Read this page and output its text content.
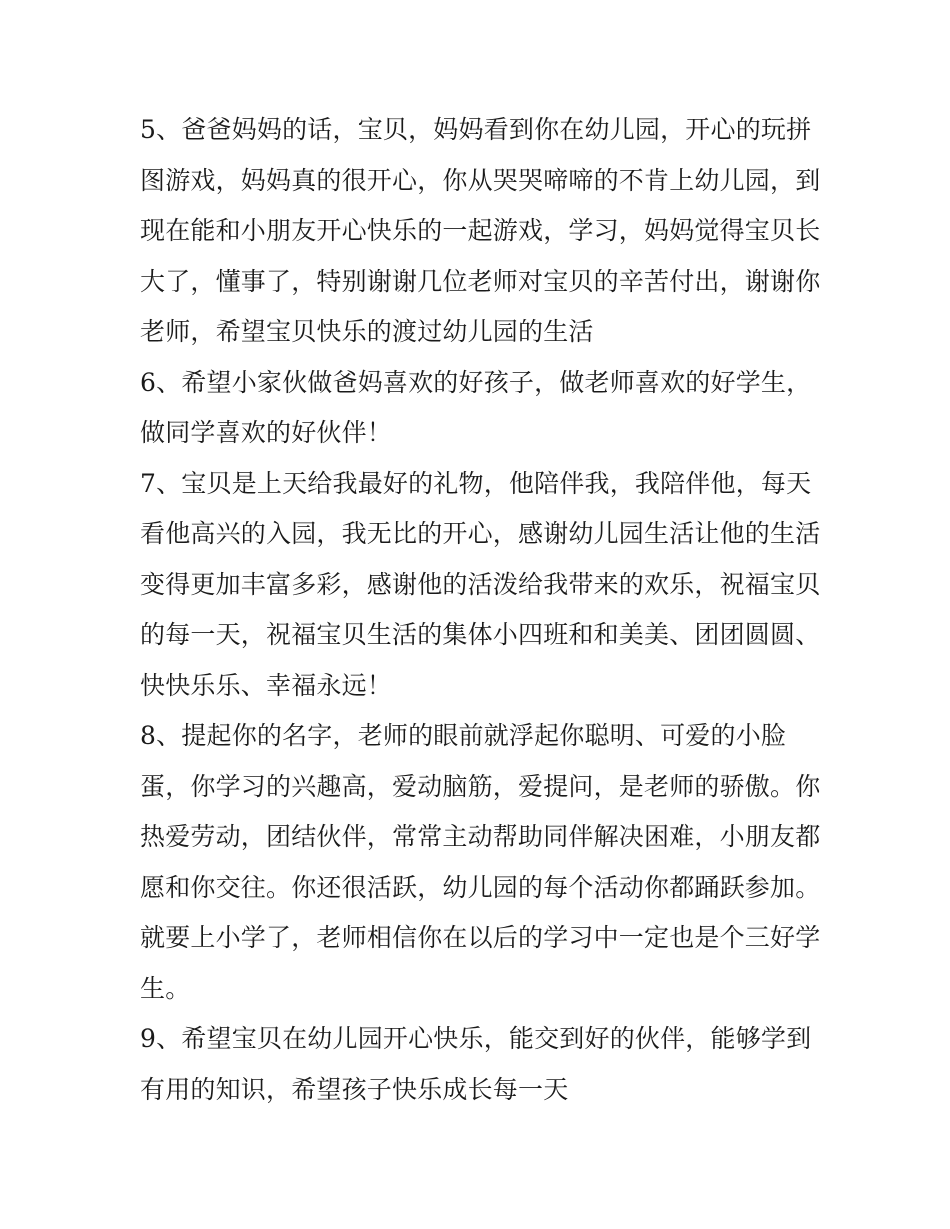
5、爸爸妈妈的话，宝贝，妈妈看到你在幼儿园，开心的玩拼
图游戏，妈妈真的很开心，你从哭哭啼啼的不肯上幼儿园，到
现在能和小朋友开心快乐的一起游戏，学习，妈妈觉得宝贝长
大了，懂事了，特别谢谢几位老师对宝贝的辛苦付出，谢谢你
老师，希望宝贝快乐的渡过幼儿园的生活

6、希望小家伙做爸妈喜欢的好孩子，做老师喜欢的好学生，
做同学喜欢的好伙伴！

7、宝贝是上天给我最好的礼物，他陪伴我，我陪伴他，每天
看他高兴的入园，我无比的开心，感谢幼儿园生活让他的生活
变得更加丰富多彩，感谢他的活泼给我带来的欢乐，祝福宝贝
的每一天，祝福宝贝生活的集体小四班和和美美、团团圆圆、
快快乐乐、幸福永远！

8、提起你的名字，老师的眼前就浮起你聪明、可爱的小脸
蛋，你学习的兴趣高，爱动脑筋，爱提问，是老师的骄傲。你
热爱劳动，团结伙伴，常常主动帮助同伴解决困难，小朋友都
愿和你交往。你还很活跃，幼儿园的每个活动你都踊跃参加。
就要上小学了，老师相信你在以后的学习中一定也是个三好学
生。

9、希望宝贝在幼儿园开心快乐，能交到好的伙伴，能够学到
有用的知识，希望孩子快乐成长每一天
